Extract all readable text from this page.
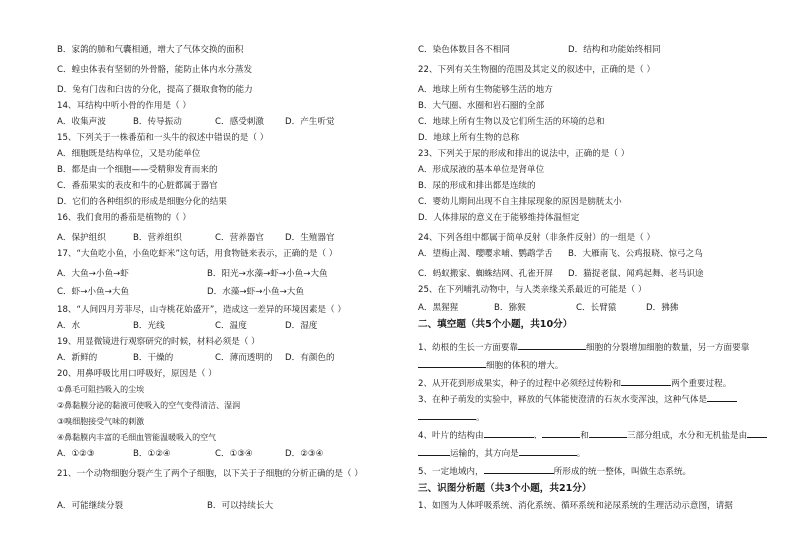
B．家鸽的肺和气囊相通，增大了气体交换的面积
C．蝗虫体表有坚韧的外骨骼，能防止体内水分蒸发
D．兔有门齿和臼齿的分化，提高了摄取食物的能力
14、耳结构中听小骨的作用是（ ）
A．收集声波	B．传导振动	C．感受刺激 D．产生听觉
15、下列关于一株番茄和一头牛的叙述中错误的是（ ）
A．细胞既是结构单位，又是功能单位
B．都是由一个细胞——受精卵发育而来的
C．番茄果实的表皮和牛的心脏都属于器官
D．它们的各种组织的形成是细胞分化的结果
16、我们食用的番茄是植物的（ ）
A．保护组织	B．营养组织	C．营养器官 D．生殖器官
17、“大鱼吃小鱼，小鱼吃虾米”这句话，用食物链来表示，正确的是（ ）
A．大鱼→小鱼→虾	B．阳光→水藻→虾→小鱼→大鱼
C．虾→小鱼→大鱼	D．水藻→虾→小鱼→大鱼
18、“人间四月芳菲尽，山寺桃花始盛开”，造成这一差异的环境因素是（ ）
A．水	B．光线	C．温度	D．湿度
19、用显微镜进行观察研究的时候，材料必须是（ ）
A．新鲜的	B．干燥的	C．薄而透明的 D．有颜色的
20、用鼻呼吸比用口呼吸好，原因是（ ）
①鼻毛可阻挡吸入的尘埃
②鼻黏膜分泌的黏液可使吸入的空气变得清洁、湿润
③嗅细胞接受气味的刺激
④鼻黏膜内丰富的毛细血管能温暖吸入的空气
A．①②③	B．①②④	C．①③④	D．②③④
21、一个动物细胞分裂产生了两个子细胞，以下关于子细胞的分析正确的是（ ）
A．可能继续分裂	B．可以持续长大
C．染色体数目各不相同	D．结构和功能始终相同
22、下列有关生物圈的范围及其定义的叙述中，正确的是（ ）
A．地球上所有生物能够生活的地方
B．大气圈、水圈和岩石圈的全部
C．地球上所有生物以及它们所生活的环境的总和
D．地球上所有生物的总称
23、下列关于尿的形成和排出的说法中，正确的是（ ）
A．形成尿液的基本单位是肾单位
B．尿的形成和排出都是连续的
C．婴幼儿期间出现不自主排尿现象的原因是膀胱太小
D．人体排尿的意义在于能够维持体温恒定
24、下列各组中都属于简单反射（非条件反射）的一组是（ ）
A．望梅止渴、嘤嘤求哺、鹦鹉学舌 B．大雁南飞、公鸡报晓、惊弓之鸟
C．蚂蚁搬家、蜘蛛结网、孔雀开屏 D．猫捉老鼠、闻鸡起舞、老马识途
25、在下列哺乳动物中，与人类亲缘关系最近的可能是（ ）
A．黑猩猩	B．猕猴	C．长臂猿	D．狒狒
二、填空题（共5个小题，共10分）
1、幼根的生长一方面要靠	细胞的分裂增加细胞的数量，另一方面要靠
细胞的体积的增大。
2、从开花到形成果实，种子的过程中必须经过传粉和	两个重要过程。
3、在种子萌发的实验中，释放的气体能使澄清的石灰水变浑浊，这种气体是
。
4、叶片的结构由	、	和	三部分组成，水分和无机盐是由
运输的，其方向是	。
5、一定地域内，	所形成的统一整体，叫做生态系统。
三、识图分析题（共3个小题，共21分）
1、如图为人体呼吸系统、消化系统、循环系统和泌尿系统的生理活动示意图，请据
